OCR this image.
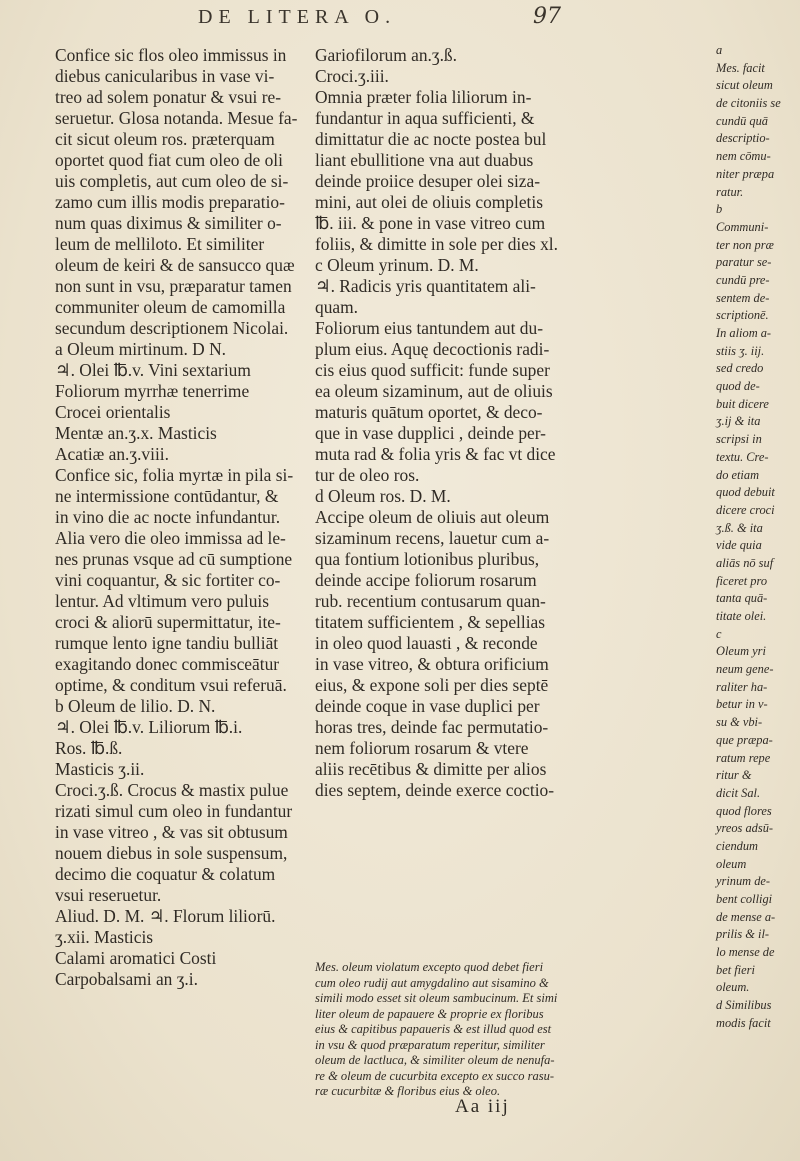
DE LITERA O.	97
Confice sic flos oleo immissus in
diebus canicularibus in vase vi-
treo ad solem ponatur & vsui re-
seruetur. Glosa notanda. Mesue fa-
cit sicut oleum ros. præterquam
oportet quod fiat cum oleo de oli
uis completis, aut cum oleo de si-
zamo cum illis modis preparatio-
num quas diximus & similiter o-
leum de melliloto. Et similiter
oleum de keiri & de sansucco quæ
non sunt in vsu, præparatur tamen
communiter oleum de camomilla
secundum descriptionem Nicolai.
a Oleum mirtinum. D N.
♃. Olei ℔.v. Vini sextarium
Foliorum myrrhæ tenerrime
Crocei orientalis
Mentæ an.ʒ.x. Masticis
Acatiæ an.ʒ.viii.
Confice sic, folia myrtæ in pila si-
ne intermissione contūdantur, &
in vino die ac nocte infundantur.
Alia vero die oleo immissa ad le-
nes prunas vsque ad cū sumptione
vini coquantur, & sic fortiter co-
lentur. Ad vltimum vero puluis
croci & aliorū supermittatur, ite-
rumque lento igne tandiu bulliāt
exagitando donec commisceātur
optime, & conditum vsui referuā.
b Oleum de lilio. D. N.
♃. Olei ℔.v. Liliorum ℔.i.
Ros. ℔.ß.
Masticis ʒ.ii.
Croci.ʒ.ß. Crocus & mastix pulue
rizati simul cum oleo in fundantur
in vase vitreo , & vas sit obtusum
nouem diebus in sole suspensum,
decimo die coquatur & colatum
vsui reseruetur.
Aliud. D. M. ♃. Florum liliorū.
ʒ.xii. Masticis
Calami aromatici Costi
Carpobalsami an ʒ.i.
Gariofilorum an.ʒ.ß.
Croci.ʒ.iii.
Omnia præter folia liliorum in-
fundantur in aqua sufficienti, &
dimittatur die ac nocte postea bul
liant ebullitione vna aut duabus
deinde proiice desuper olei siza-
mini, aut olei de oliuis completis
℔. iii. & pone in vase vitreo cum
foliis, & dimitte in sole per dies xl.
c Oleum yrinum. D. M.
♃. Radicis yris quantitatem ali-
quam.
Foliorum eius tantundem aut du-
plum eius. Aquę decoctionis radi-
cis eius quod sufficit: funde super
ea oleum sizaminum, aut de oliuis
maturis quātum oportet, & deco-
que in vase dupplici , deinde per-
muta rad & folia yris & fac vt dice
tur de oleo ros.
d Oleum ros. D. M.
Accipe oleum de oliuis aut oleum
sizaminum recens, lauetur cum a-
qua fontium lotionibus pluribus,
deinde accipe foliorum rosarum
rub. recentium contusarum quan-
titatem sufficientem , & sepellias
in oleo quod lauasti , & reconde
in vase vitreo, & obtura orificium
eius, & expone soli per dies septē
deinde coque in vase duplici per
horas tres, deinde fac permutatio-
nem foliorum rosarum & vtere
aliis recētibus & dimitte per alios
dies septem, deinde exerce coctio-
Mes. oleum violatum excepto quod debet fieri
cum oleo rudij aut amygdalino aut sisamino &
simili modo esset sit oleum sambucinum. Et simi
liter oleum de papauere & proprie ex floribus
eius & capitibus papaueris & est illud quod est
in vsu & quod præparatum reperitur, similiter
oleum de lactluca, & similiter oleum de nenufa-
re & oleum de cucurbita excepto ex succo rasu-
ræ cucurbitæ & floribus eius & oleo.
Aa iij
a
Mes. facit
sicut oleum
de citoniis se
cundū quā
descriptio-
nem cōmu-
niter præpa
ratur.
b
Communi-
ter non præ
paratur se-
cundū pre-
sentem de-
scriptionē.
In aliom a-
stiis ʒ. iij.
sed credo
quod de-
buit dicere
ʒ.ij & ita
scripsi in
textu. Cre-
do etiam
quod debuit
dicere croci
ʒ.ß. & ita
vide quia
aliās nō suf
ficeret pro
tanta quā-
titate olei.
c
Oleum yri
neum gene-
raliter ha-
betur in v-
su & vbi-
que præpa-
ratum repe
ritur &
dicit Sal.
quod flores
yreos adsū-
ciendum
oleum
yrinum de-
bent colligi
de mense a-
prilis & il-
lo mense de
bet fieri
oleum.
d Similibus
modis facit
